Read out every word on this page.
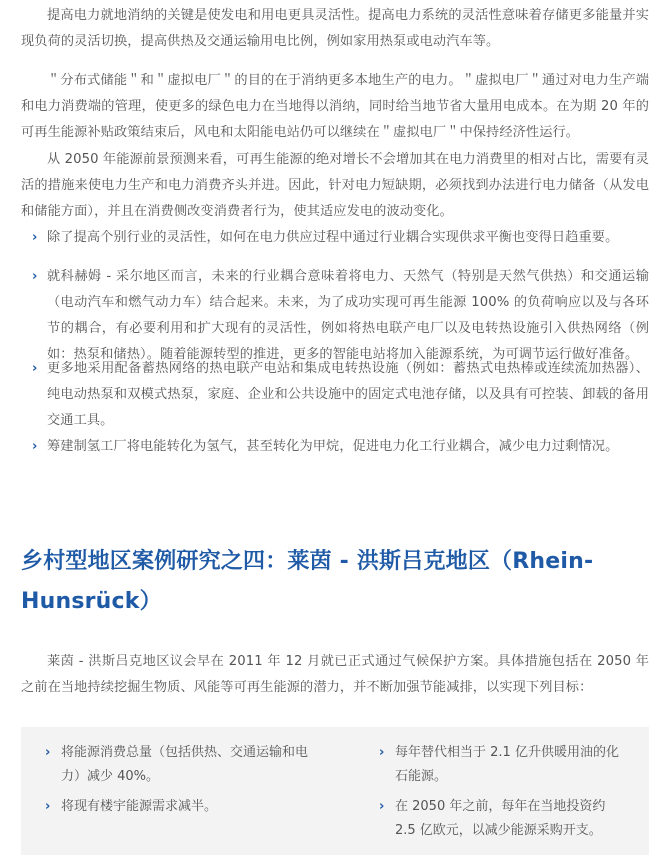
提高电力就地消纳的关键是使发电和用电更具灵活性。提高电力系统的灵活性意味着存储更多能量并实现负荷的灵活切换，提高供热及交通运输用电比例，例如家用热泵或电动汽车等。

＂分布式储能＂和＂虚拟电厂＂的目的在于消纳更多本地生产的电力。＂虚拟电厂＂通过对电力生产端和电力消费端的管理，使更多的绿色电力在当地得以消纳，同时给当地节省大量用电成本。在为期 20 年的可再生能源补贴政策结束后，风电和太阳能电站仍可以继续在＂虚拟电厂＂中保持经济性运行。

从 2050 年能源前景预测来看，可再生能源的绝对增长不会增加其在电力消费里的相对占比，需要有灵活的措施来使电力生产和电力消费齐头并进。因此，针对电力短缺期，必须找到办法进行电力储备（从发电和储能方面），并且在消费侧改变消费者行为，使其适应发电的波动变化。

› 除了提高个别行业的灵活性，如何在电力供应过程中通过行业耦合实现供求平衡也变得日趋重要。
› 就科赫姆 - 采尔地区而言，未来的行业耦合意味着将电力、天然气（特别是天然气供热）和交通运输（电动汽车和燃气动力车）结合起来。未来，为了成功实现可再生能源 100% 的负荷响应以及与各环节的耦合，有必要利用和扩大现有的灵活性，例如将热电联产电厂以及电转热设施引入供热网络（例如：热泵和储热）。随着能源转型的推进，更多的智能电站将加入能源系统，为可调节运行做好准备。
› 更多地采用配备蓄热网络的热电联产电站和集成电转热设施（例如：蓄热式电热棒或连续流加热器）、纯电动热泵和双模式热泵，家庭、企业和公共设施中的固定式电池存储，以及具有可控装、卸载的备用交通工具。
› 筹建制氢工厂将电能转化为氢气，甚至转化为甲烷，促进电力化工行业耦合，减少电力过剩情况。
乡村型地区案例研究之四：莱茵 - 洪斯吕克地区（Rhein-Hunsrück）

莱茵 - 洪斯吕克地区议会早在 2011 年 12 月就已正式通过气候保护方案。具体措施包括在 2050 年之前在当地持续挖掘生物质、风能等可再生能源的潜力，并不断加强节能减排，以实现下列目标：

› 将能源消费总量（包括供热、交通运输和电力）减少 40%。
› 每年替代相当于 2.1 亿升供暖用油的化石能源。
› 将现有楼宇能源需求减半。	› 在 2050 年之前，每年在当地投资约 2.5 亿欧元，以减少能源采购开支。
